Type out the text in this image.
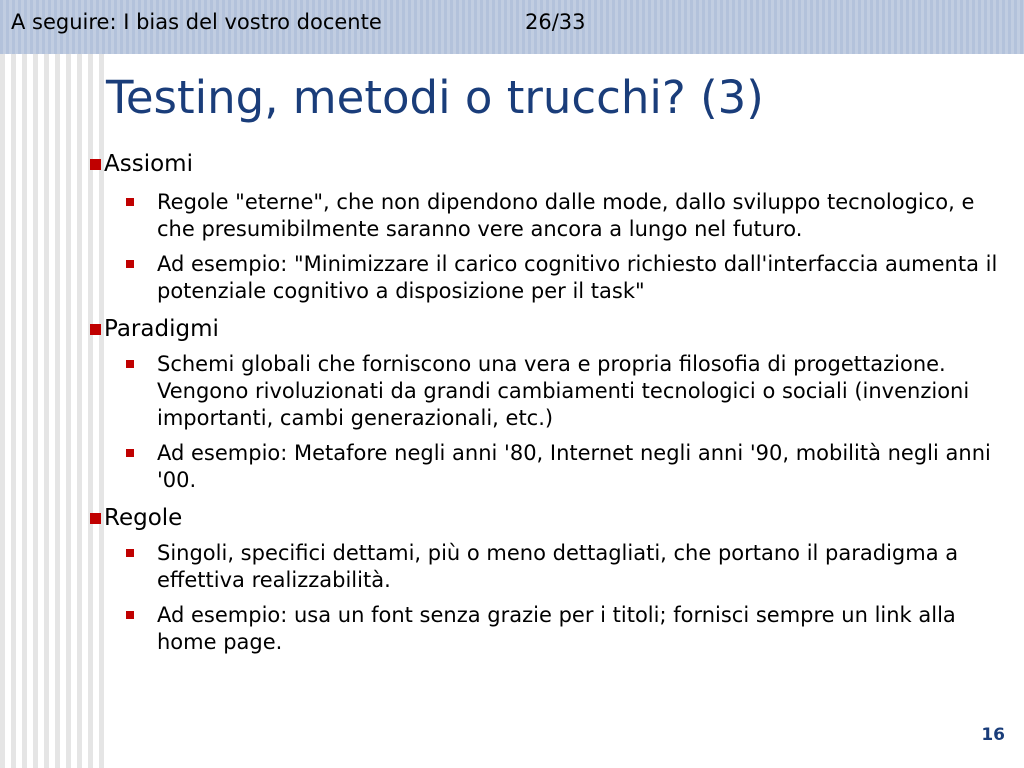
A seguire: I bias del vostro docente	26/33
Testing, metodi o trucchi? (3)
Assiomi
Regole "eterne", che non dipendono dalle mode, dallo sviluppo tecnologico, e che presumibilmente saranno vere ancora a lungo nel futuro.
Ad esempio: "Minimizzare il carico cognitivo richiesto dall'interfaccia aumenta il potenziale cognitivo a disposizione per il task"
Paradigmi
Schemi globali che forniscono una vera e propria filosofia di progettazione. Vengono rivoluzionati da grandi cambiamenti tecnologici o sociali (invenzioni importanti, cambi generazionali, etc.)
Ad esempio: Metafore negli anni '80, Internet negli anni '90, mobilità negli anni '00.
Regole
Singoli, specifici dettami, più o meno dettagliati, che portano il paradigma a effettiva realizzabilità.
Ad esempio: usa un font senza grazie per i titoli; fornisci sempre un link alla home page.
16
